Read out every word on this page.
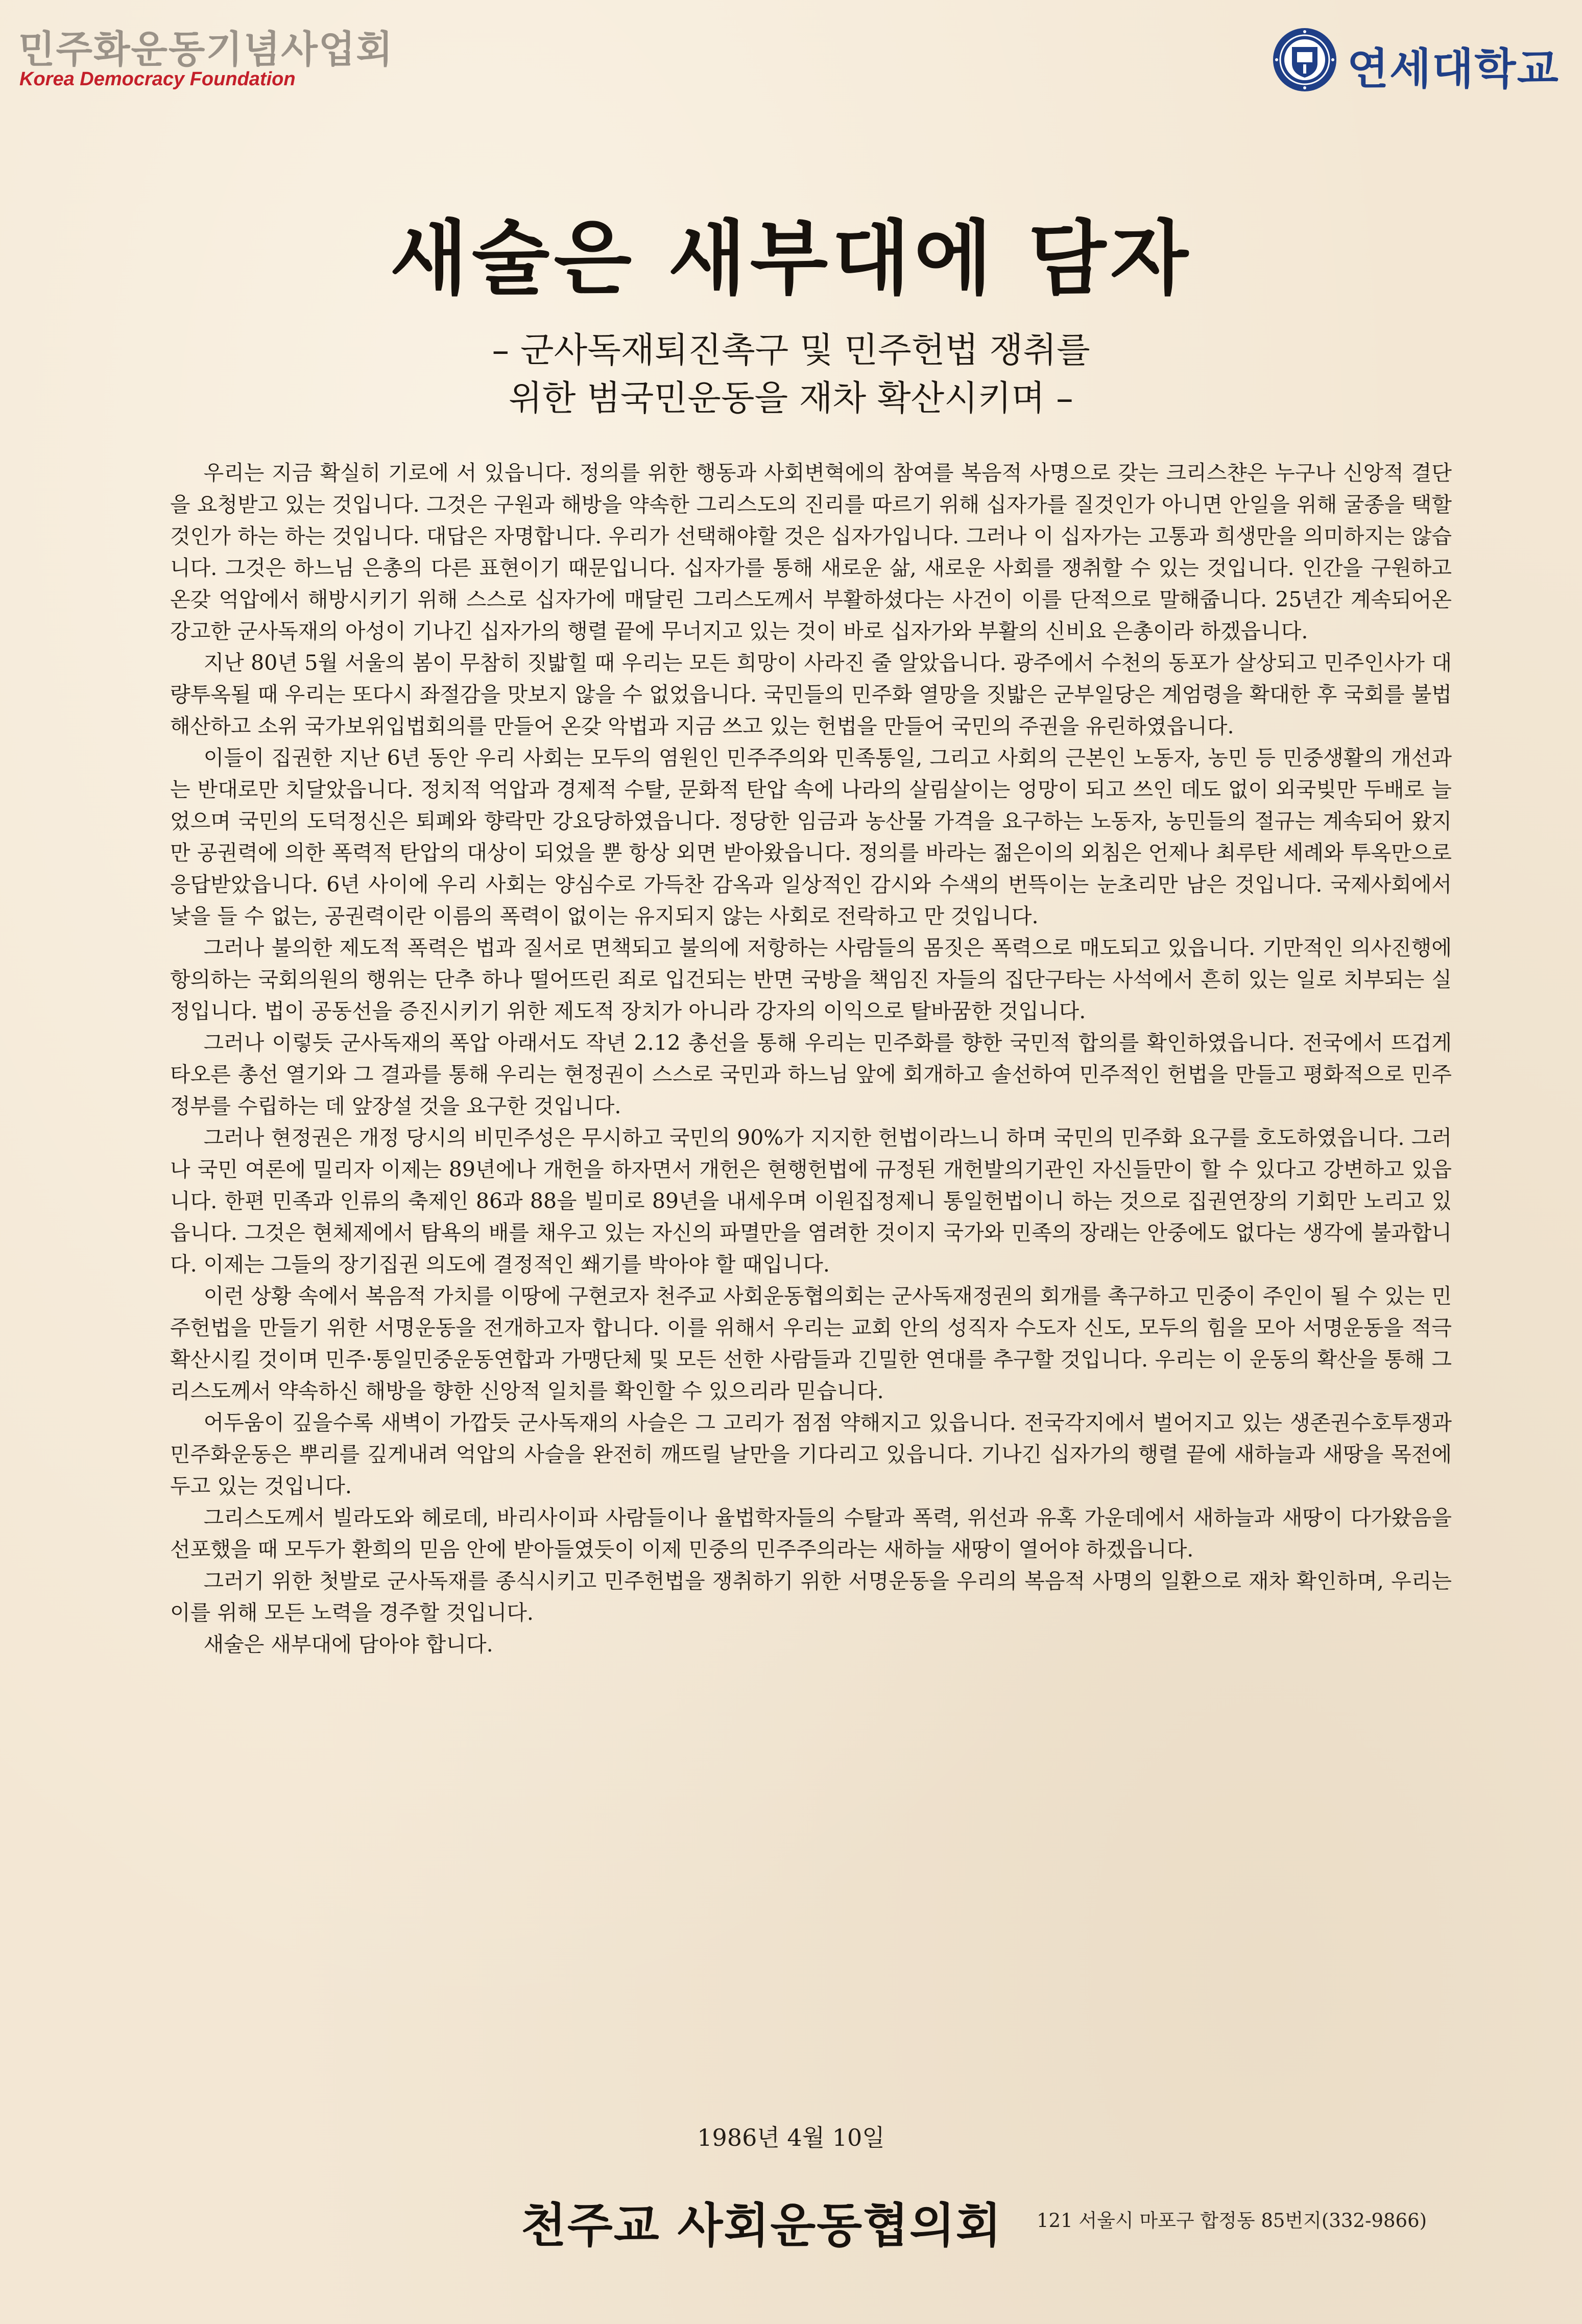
민주화운동기념사업회
Korea Democracy Foundation	연세대학교
새술은 새부대에 담자
– 군사독재퇴진촉구 및 민주헌법 쟁취를
위한 범국민운동을 재차 확산시키며 –

우리는 지금 확실히 기로에 서 있읍니다. 정의를 위한 행동과 사회변혁에의 참여를 복음적 사명으로 갖는 크리스챤은 누구나 신앙적 결단을 요청받고 있는 것입니다. 그것은 구원과 해방을 약속한 그리스도의 진리를 따르기 위해 십자가를 질것인가 아니면 안일을 위해 굴종을 택할 것인가 하는 하는 것입니다. 대답은 자명합니다. 우리가 선택해야할 것은 십자가입니다. 그러나 이 십자가는 고통과 희생만을 의미하지는 않습니다. 그것은 하느님 은총의 다른 표현이기 때문입니다. 십자가를 통해 새로운 삶, 새로운 사회를 쟁취할 수 있는 것입니다. 인간을 구원하고 온갖 억압에서 해방시키기 위해 스스로 십자가에 매달린 그리스도께서 부활하셨다는 사건이 이를 단적으로 말해줍니다. 25년간 계속되어온 강고한 군사독재의 아성이 기나긴 십자가의 행렬 끝에 무너지고 있는 것이 바로 십자가와 부활의 신비요 은총이라 하겠읍니다.

지난 80년 5월 서울의 봄이 무참히 짓밟힐 때 우리는 모든 희망이 사라진 줄 알았읍니다. 광주에서 수천의 동포가 살상되고 민주인사가 대량투옥될 때 우리는 또다시 좌절감을 맛보지 않을 수 없었읍니다. 국민들의 민주화 열망을 짓밟은 군부일당은 계엄령을 확대한 후 국회를 불법 해산하고 소위 국가보위입법회의를 만들어 온갖 악법과 지금 쓰고 있는 헌법을 만들어 국민의 주권을 유린하였읍니다.

이들이 집권한 지난 6년 동안 우리 사회는 모두의 염원인 민주주의와 민족통일, 그리고 사회의 근본인 노동자, 농민 등 민중생활의 개선과는 반대로만 치달았읍니다. 정치적 억압과 경제적 수탈, 문화적 탄압 속에 나라의 살림살이는 엉망이 되고 쓰인 데도 없이 외국빚만 두배로 늘었으며 국민의 도덕정신은 퇴폐와 향락만 강요당하였읍니다. 정당한 임금과 농산물 가격을 요구하는 노동자, 농민들의 절규는 계속되어 왔지만 공권력에 의한 폭력적 탄압의 대상이 되었을 뿐 항상 외면 받아왔읍니다. 정의를 바라는 젊은이의 외침은 언제나 최루탄 세례와 투옥만으로 응답받았읍니다. 6년 사이에 우리 사회는 양심수로 가득찬 감옥과 일상적인 감시와 수색의 번뜩이는 눈초리만 남은 것입니다. 국제사회에서 낯을 들 수 없는, 공권력이란 이름의 폭력이 없이는 유지되지 않는 사회로 전락하고 만 것입니다.

그러나 불의한 제도적 폭력은 법과 질서로 면책되고 불의에 저항하는 사람들의 몸짓은 폭력으로 매도되고 있읍니다. 기만적인 의사진행에 항의하는 국회의원의 행위는 단추 하나 떨어뜨린 죄로 입건되는 반면 국방을 책임진 자들의 집단구타는 사석에서 흔히 있는 일로 치부되는 실정입니다. 법이 공동선을 증진시키기 위한 제도적 장치가 아니라 강자의 이익으로 탈바꿈한 것입니다.

그러나 이렇듯 군사독재의 폭압 아래서도 작년 2.12 총선을 통해 우리는 민주화를 향한 국민적 합의를 확인하였읍니다. 전국에서 뜨겁게 타오른 총선 열기와 그 결과를 통해 우리는 현정권이 스스로 국민과 하느님 앞에 회개하고 솔선하여 민주적인 헌법을 만들고 평화적으로 민주정부를 수립하는 데 앞장설 것을 요구한 것입니다.

그러나 현정권은 개정 당시의 비민주성은 무시하고 국민의 90%가 지지한 헌법이라느니 하며 국민의 민주화 요구를 호도하였읍니다. 그러나 국민 여론에 밀리자 이제는 89년에나 개헌을 하자면서 개헌은 현행헌법에 규정된 개헌발의기관인 자신들만이 할 수 있다고 강변하고 있읍니다. 한편 민족과 인류의 축제인 86과 88을 빌미로 89년을 내세우며 이원집정제니 통일헌법이니 하는 것으로 집권연장의 기회만 노리고 있읍니다. 그것은 현체제에서 탐욕의 배를 채우고 있는 자신의 파멸만을 염려한 것이지 국가와 민족의 장래는 안중에도 없다는 생각에 불과합니다. 이제는 그들의 장기집권 의도에 결정적인 쐐기를 박아야 할 때입니다.

이런 상황 속에서 복음적 가치를 이땅에 구현코자 천주교 사회운동협의회는 군사독재정권의 회개를 촉구하고 민중이 주인이 될 수 있는 민주헌법을 만들기 위한 서명운동을 전개하고자 합니다. 이를 위해서 우리는 교회 안의 성직자 수도자 신도, 모두의 힘을 모아 서명운동을 적극 확산시킬 것이며 민주·통일민중운동연합과 가맹단체 및 모든 선한 사람들과 긴밀한 연대를 추구할 것입니다. 우리는 이 운동의 확산을 통해 그리스도께서 약속하신 해방을 향한 신앙적 일치를 확인할 수 있으리라 믿습니다.

어두움이 깊을수록 새벽이 가깝듯 군사독재의 사슬은 그 고리가 점점 약해지고 있읍니다. 전국각지에서 벌어지고 있는 생존권수호투쟁과 민주화운동은 뿌리를 깊게내려 억압의 사슬을 완전히 깨뜨릴 날만을 기다리고 있읍니다. 기나긴 십자가의 행렬 끝에 새하늘과 새땅을 목전에 두고 있는 것입니다.

그리스도께서 빌라도와 헤로데, 바리사이파 사람들이나 율법학자들의 수탈과 폭력, 위선과 유혹 가운데에서 새하늘과 새땅이 다가왔음을 선포했을 때 모두가 환희의 믿음 안에 받아들였듯이 이제 민중의 민주주의라는 새하늘 새땅이 열어야 하겠읍니다.

그러기 위한 첫발로 군사독재를 종식시키고 민주헌법을 쟁취하기 위한 서명운동을 우리의 복음적 사명의 일환으로 재차 확인하며, 우리는 이를 위해 모든 노력을 경주할 것입니다.

새술은 새부대에 담아야 합니다.

1986년 4월 10일
천주교 사회운동협의회 121 서울시 마포구 합정동 85번지(332-9866)
